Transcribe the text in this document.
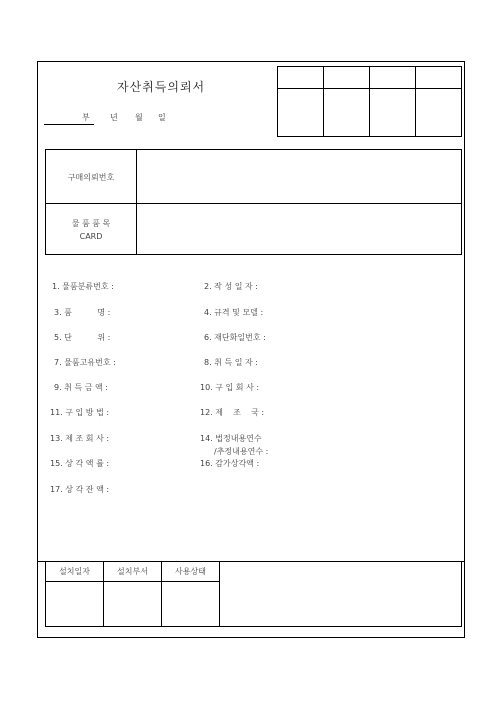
자산취득의뢰서
부	년 월 일

구매의뢰번호
물 품 품 목
CARD
1. 물품분류번호 :	2. 작 성 일 자 :
3. 품          명 :	4. 규격 및 모델 :
5. 단          위 :	6. 재단화일번호 :
7. 물품고유번호 :	8. 취 득 일 자 :
9. 취 득 금 액 :	10. 구 입 회 사 :
11. 구 입 방 법 :	12. 제    조    국 :
13. 제 조 회 사 :	14. 법정내용연수
/추정내용연수 :
15. 상 각 액 률 :	16. 감가상각액 :
17. 상 각 잔 액 :
설치일자	설치부서	사용상태
